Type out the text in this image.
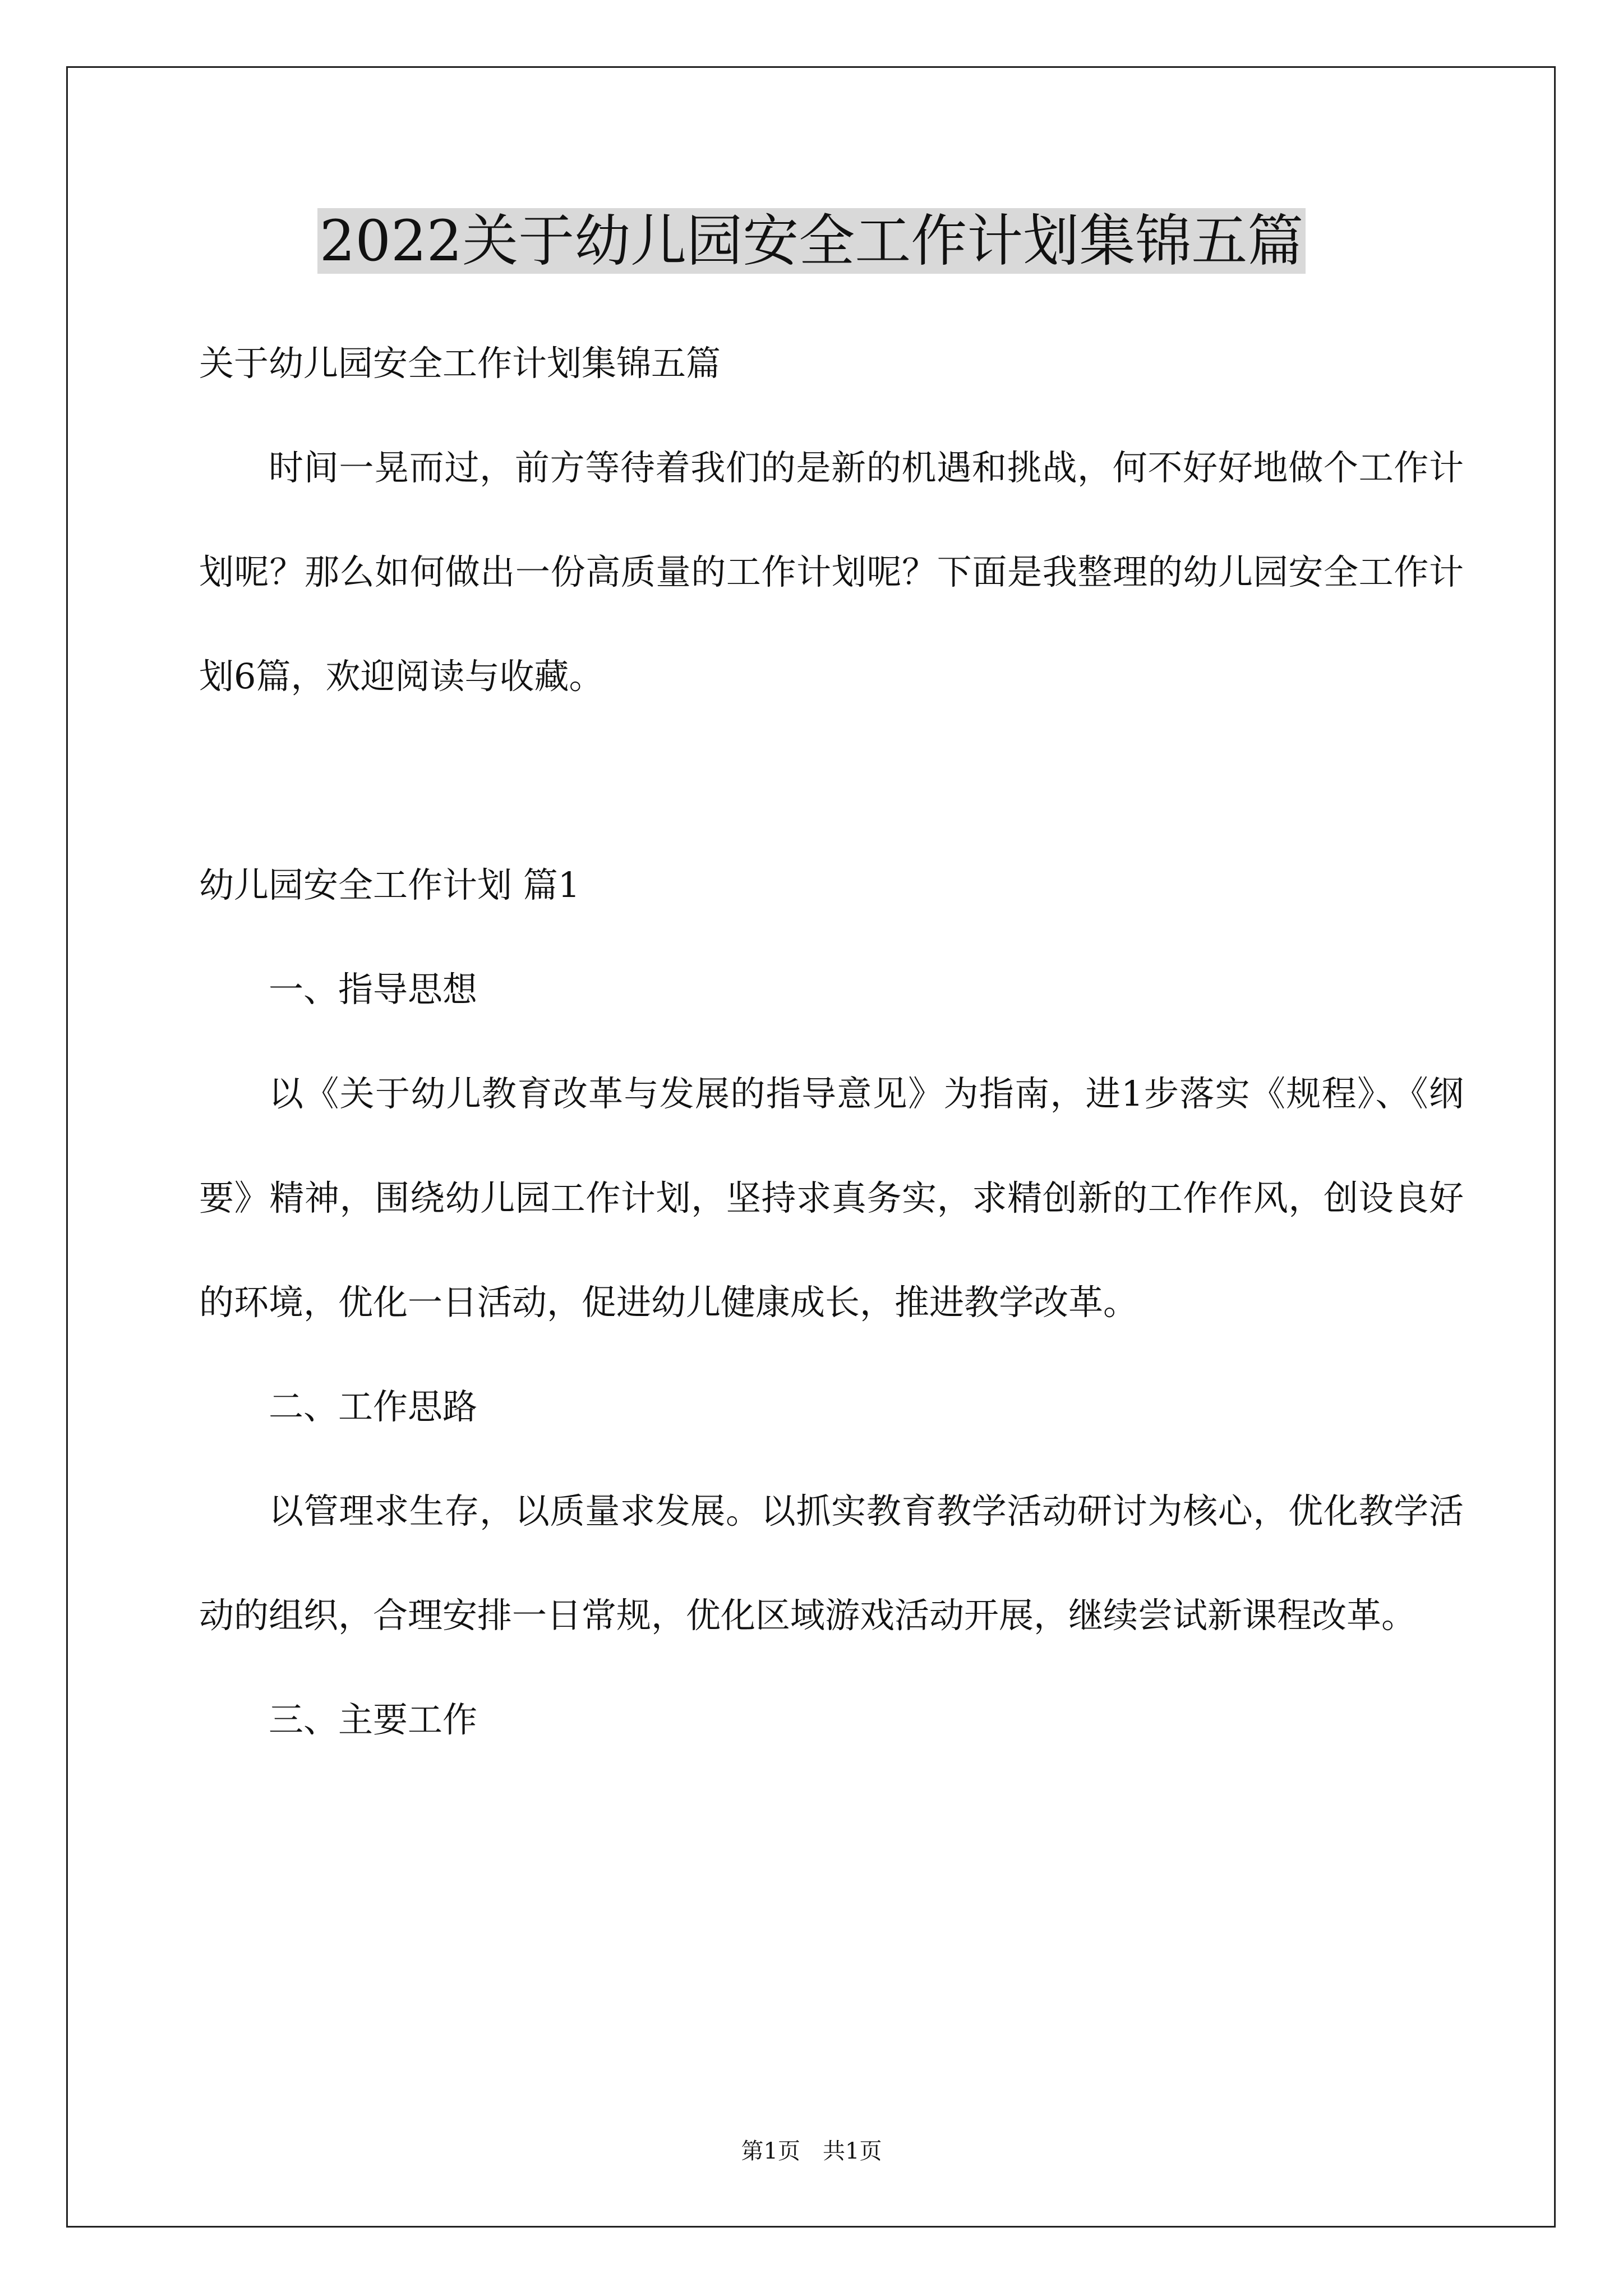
2022关于幼儿园安全工作计划集锦五篇

关于幼儿园安全工作计划集锦五篇

时间一晃而过，前方等待着我们的是新的机遇和挑战，何不好好地做个工作计划呢？那么如何做出一份高质量的工作计划呢？下面是我整理的幼儿园安全工作计划6篇，欢迎阅读与收藏。

幼儿园安全工作计划 篇1

一、指导思想

以《关于幼儿教育改革与发展的指导意见》为指南，进1步落实《规程》、《纲要》精神，围绕幼儿园工作计划，坚持求真务实，求精创新的工作作风，创设良好的环境，优化一日活动，促进幼儿健康成长，推进教学改革。

二、工作思路

以管理求生存，以质量求发展。以抓实教育教学活动研讨为核心，优化教学活动的组织，合理安排一日常规，优化区域游戏活动开展，继续尝试新课程改革。

三、主要工作

第1页　共1页
